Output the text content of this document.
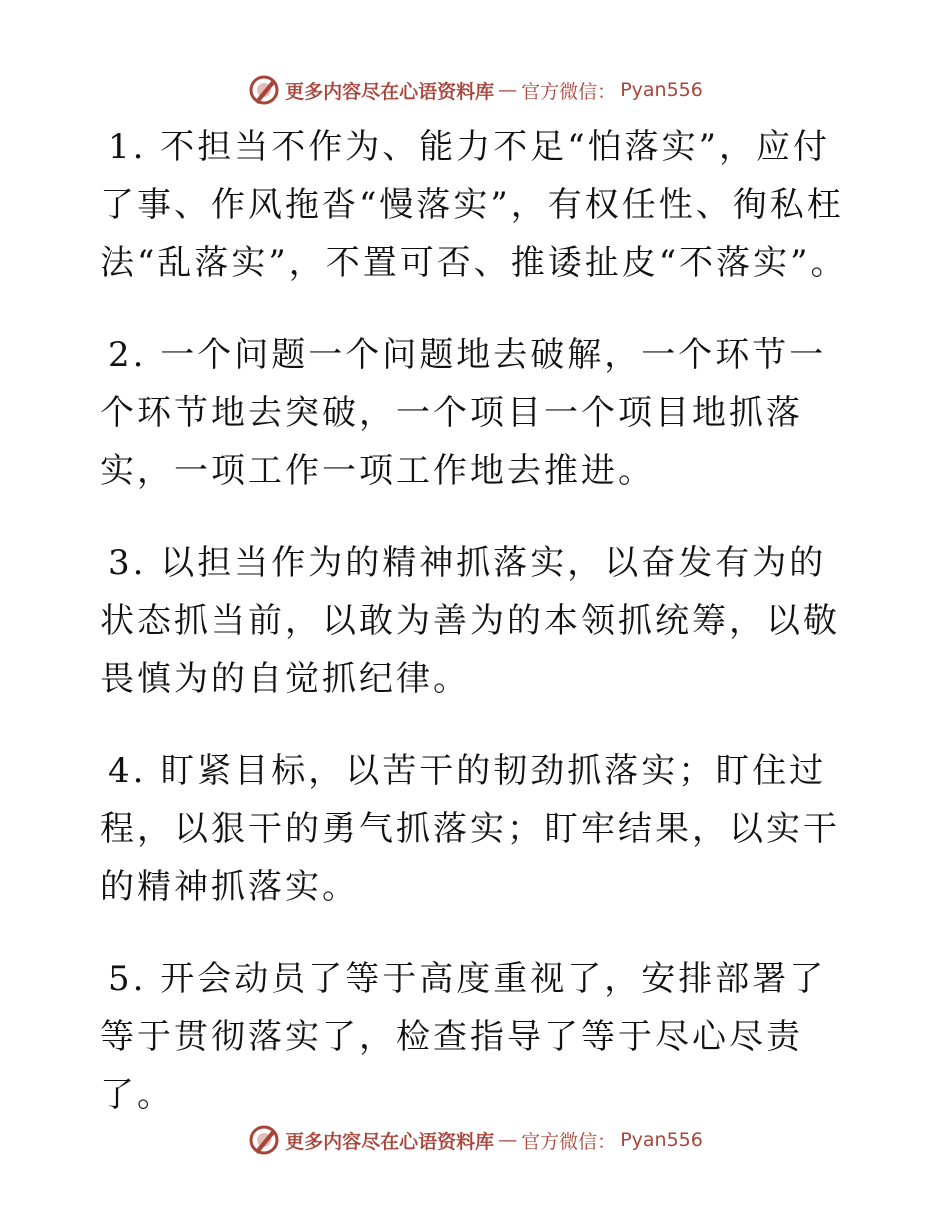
更多内容尽在心语资料库 — 官方微信： Pyan556

1. 不担当不作为、能力不足“怕落实”，应付了事、作风拖沓“慢落实”，有权任性、徇私枉法“乱落实”，不置可否、推诿扯皮“不落实”。

2. 一个问题一个问题地去破解，一个环节一个环节地去突破，一个项目一个项目地抓落实，一项工作一项工作地去推进。

3. 以担当作为的精神抓落实，以奋发有为的状态抓当前，以敢为善为的本领抓统筹，以敬畏慎为的自觉抓纪律。

4. 盯紧目标，以苦干的韧劲抓落实；盯住过程，以狠干的勇气抓落实；盯牢结果，以实干的精神抓落实。

5. 开会动员了等于高度重视了，安排部署了等于贯彻落实了，检查指导了等于尽心尽责了。

更多内容尽在心语资料库 — 官方微信： Pyan556
